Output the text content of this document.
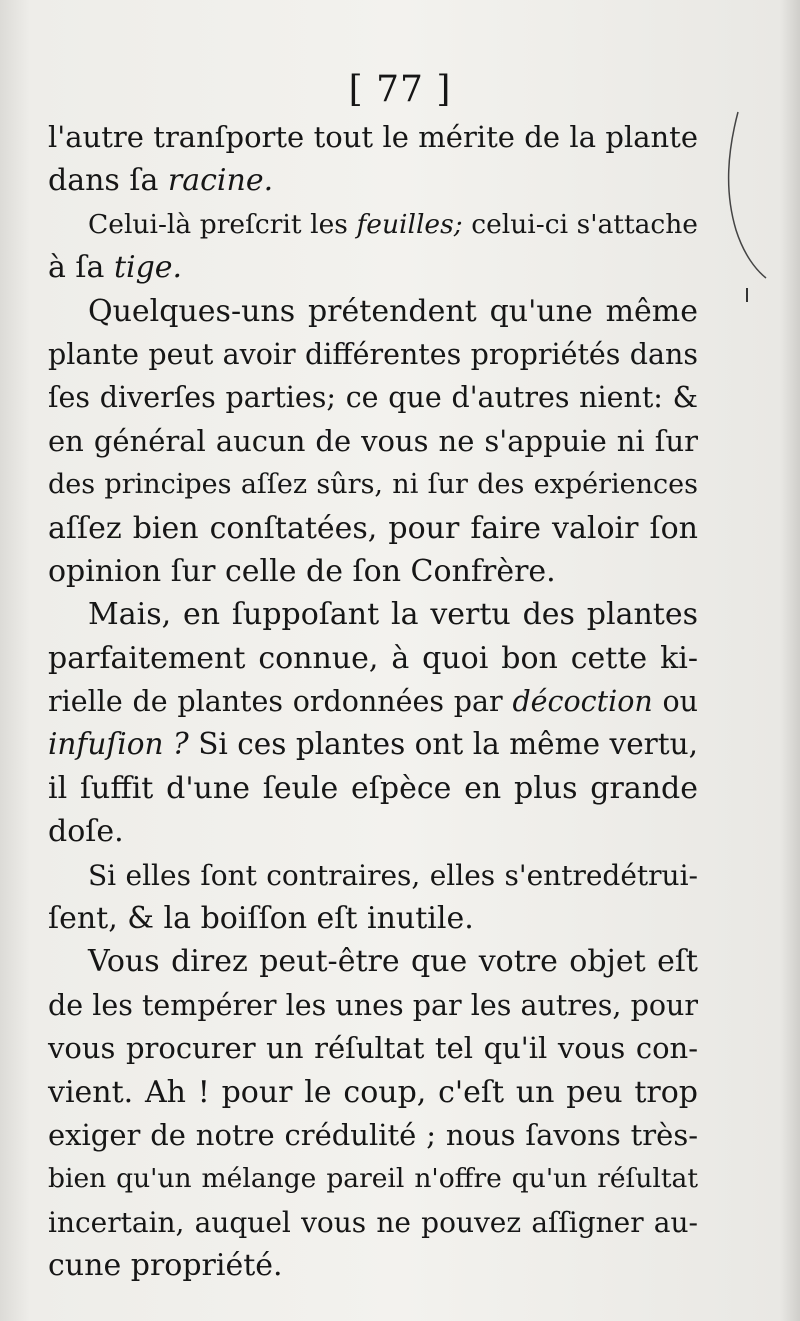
[ 77 ]
l'autre tranſporte tout le mérite de la plante
dans ſa racine.
Celui-là preſcrit les feuilles; celui-ci s'attache
à ſa tige.
Quelques-uns prétendent qu'une même
plante peut avoir différentes propriétés dans
ſes diverſes parties; ce que d'autres nient: &
en général aucun de vous ne s'appuie ni ſur
des principes aſſez sûrs, ni ſur des expériences
aſſez bien conſtatées, pour faire valoir ſon
opinion ſur celle de ſon Confrère.
Mais, en ſuppoſant la vertu des plantes
parfaitement connue, à quoi bon cette ki-
rielle de plantes ordonnées par décoction ou
infuſion ? Si ces plantes ont la même vertu,
il ſuffit d'une ſeule eſpèce en plus grande
doſe.
Si elles ſont contraires, elles s'entredétrui-
ſent, & la boiſſon eſt inutile.
Vous direz peut-être que votre objet eſt
de les tempérer les unes par les autres, pour
vous procurer un réſultat tel qu'il vous con-
vient. Ah ! pour le coup, c'eſt un peu trop
exiger de notre crédulité ; nous ſavons très-
bien qu'un mélange pareil n'offre qu'un réſultat
incertain, auquel vous ne pouvez aſſigner au-
cune propriété.
